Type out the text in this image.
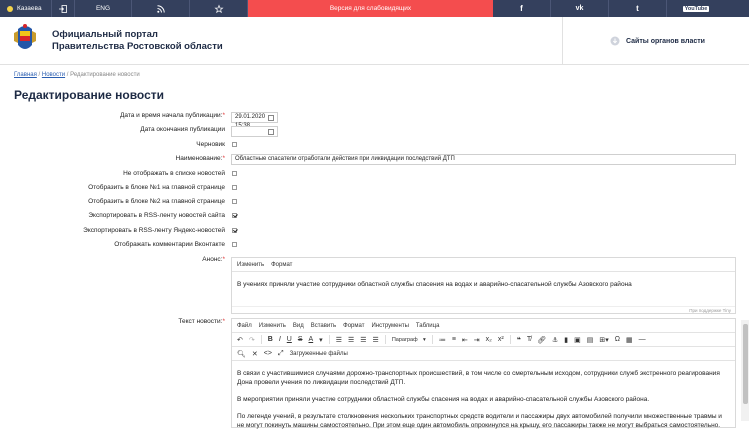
Казаевa	ENG	Версия для слабовидящих	f	vk	t	YouTube
Официальный портал
Правительства Ростовской области	Сайты органов власти
Главная / Новости / Редактирование новости
Редактирование новости
Дата и время начала публикации:*	29.01.2020
Дата окончания публикации
Черновик
Наименование:*	Областные спасатели отработали действия при ликвидации последствий ДТП
Не отображать в списке новостей
Отобразить в блоке №1 на главной странице
Отобразить в блоке №2 на главной странице
Экспортировать в RSS-ленту новостей сайта
Экспортировать в RSS-ленту Яндекс-новостей
Отображать комментарии Вконтакте
Анонс:*
Изменить Формат
В учениях приняли участие сотрудники областной службы спасения на водах и аварийно-спасательной службы Азовского района
При поддержке Tiny
Текст новости:*
Файл Изменить Вид Вставить Формат Инструменты Таблица
↶ ↷ B I U S A ▾ ☰ ☰ ☰ ☰ Параграф ▾ ≔ ≡ ⇤ ⇥ x₂ x² ❝ T̸ 🔗︎ ⚓︎ ▮ ▣ ▤ ⊞▾ Ω ▦ —
🔍︎ ✕ <> ⤢ Загруженные файлы

В связи с участившимися случаями дорожно-транспортных происшествий, в том числе со смертельным исходом, сотрудники служб экстренного реагирования Дона провели учения по ликвидации последствий ДТП.

В мероприятии приняли участие сотрудники областной службы спасения на водах и аварийно-спасательной службы Азовского района.

По легенде учений, в результате столкновения нескольких транспортных средств водители и пассажиры двух автомобилей получили множественные травмы и не могут покинуть машины самостоятельно. При этом еще один автомобиль опрокинулся на крышу, его пассажиры также не могут выбраться самостоятельно.
